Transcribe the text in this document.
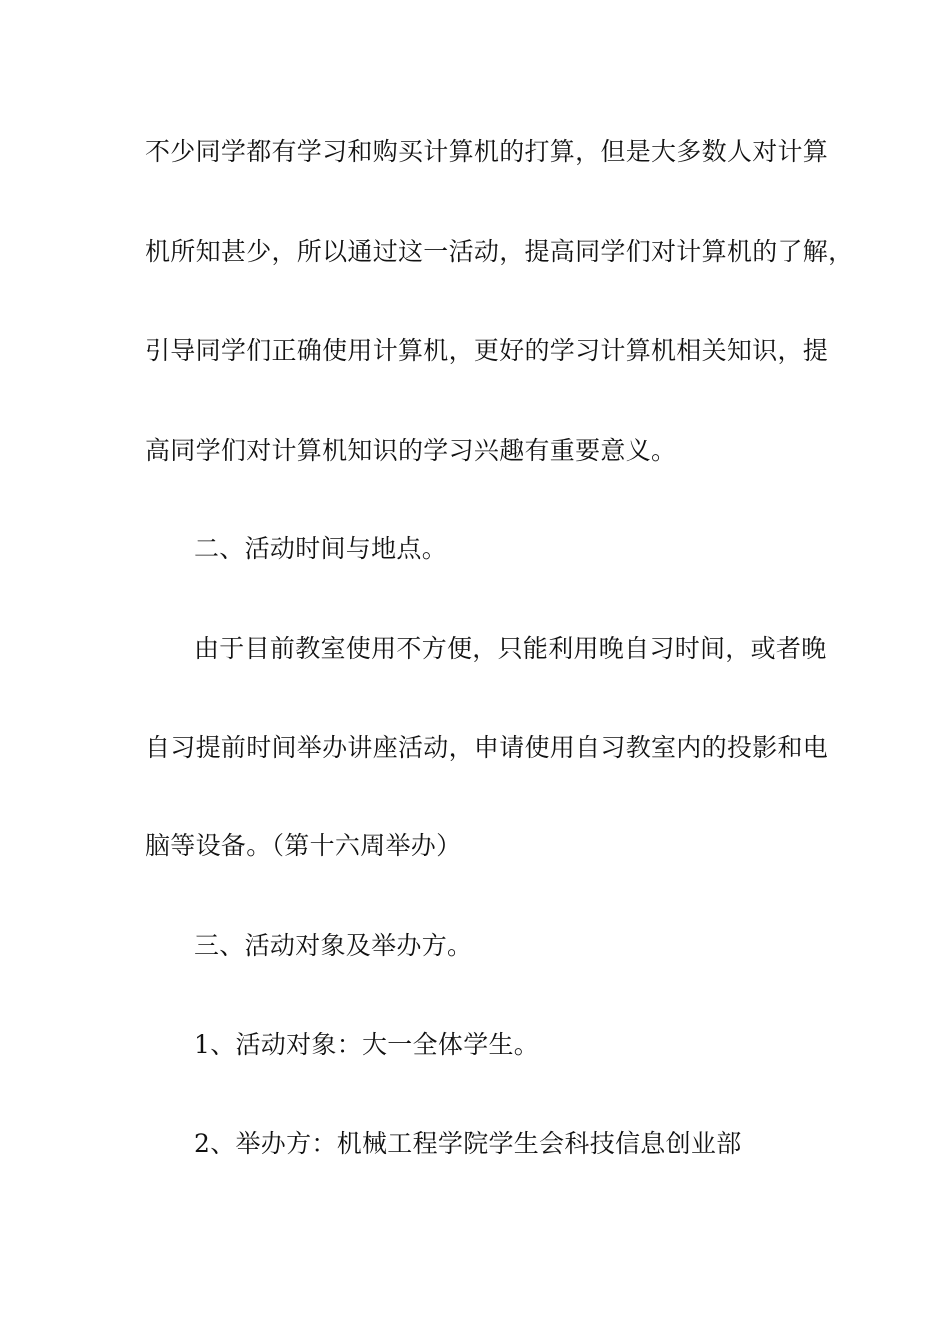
不少同学都有学习和购买计算机的打算，但是大多数人对计算
机所知甚少，所以通过这一活动，提高同学们对计算机的了解，
引导同学们正确使用计算机，更好的学习计算机相关知识，提
高同学们对计算机知识的学习兴趣有重要意义。
二、活动时间与地点。
由于目前教室使用不方便，只能利用晚自习时间，或者晚
自习提前时间举办讲座活动，申请使用自习教室内的投影和电
脑等设备。（第十六周举办）
三、活动对象及举办方。
1、活动对象：大一全体学生。
2、举办方：机械工程学院学生会科技信息创业部
